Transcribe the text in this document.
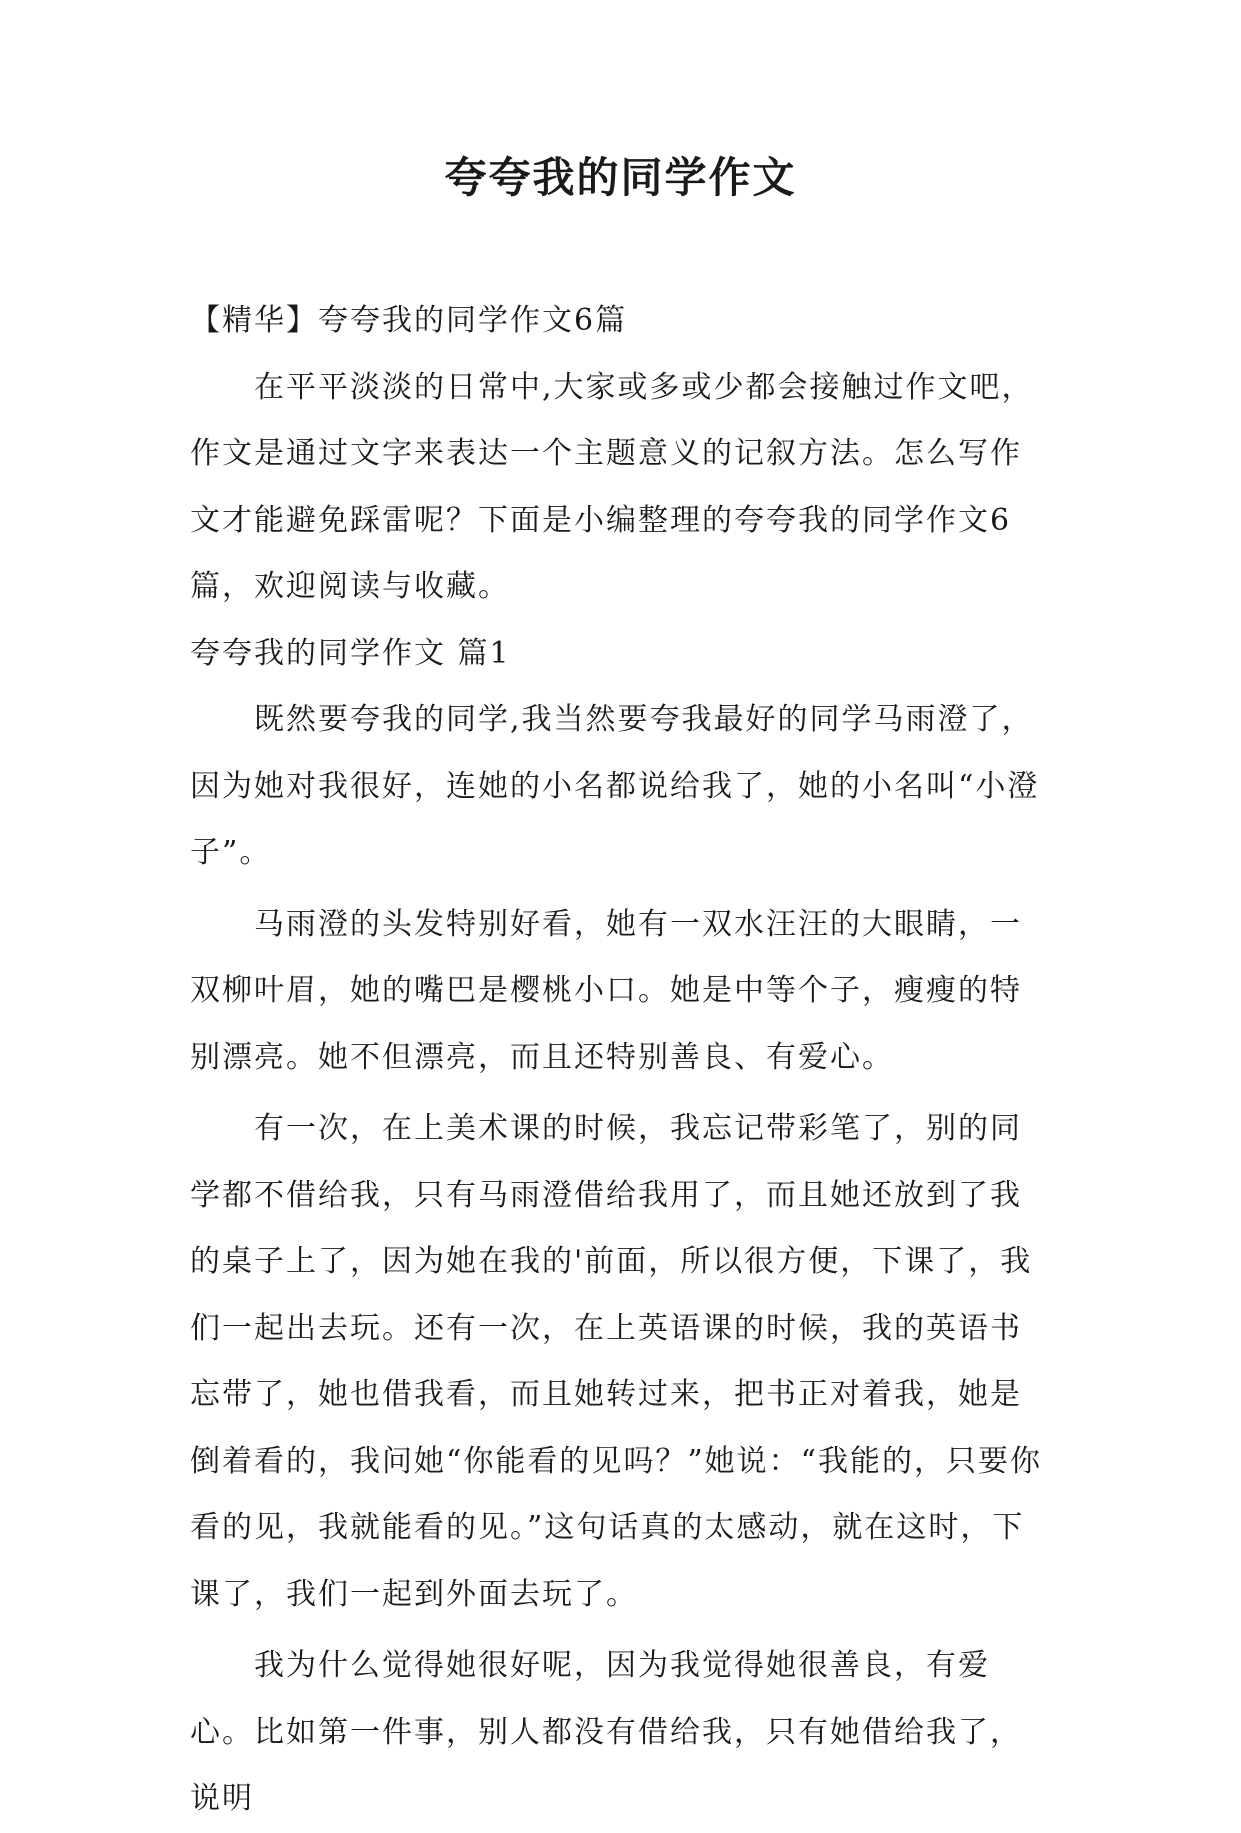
夸夸我的同学作文

【精华】夸夸我的同学作文6篇

在平平淡淡的日常中,大家或多或少都会接触过作文吧，作文是通过文字来表达一个主题意义的记叙方法。怎么写作文才能避免踩雷呢？下面是小编整理的夸夸我的同学作文6篇，欢迎阅读与收藏。

夸夸我的同学作文 篇1

既然要夸我的同学,我当然要夸我最好的同学马雨澄了，因为她对我很好，连她的小名都说给我了，她的小名叫“小澄子”。

马雨澄的头发特别好看，她有一双水汪汪的大眼睛，一双柳叶眉，她的嘴巴是樱桃小口。她是中等个子，瘦瘦的特别漂亮。她不但漂亮，而且还特别善良、有爱心。

有一次，在上美术课的时候，我忘记带彩笔了，别的同学都不借给我，只有马雨澄借给我用了，而且她还放到了我的桌子上了，因为她在我的'前面，所以很方便，下课了，我们一起出去玩。还有一次，在上英语课的时候，我的英语书忘带了，她也借我看，而且她转过来，把书正对着我，她是倒着看的，我问她“你能看的见吗？”她说：“我能的，只要你看的见，我就能看的见。”这句话真的太感动，就在这时，下课了，我们一起到外面去玩了。

我为什么觉得她很好呢，因为我觉得她很善良，有爱心。比如第一件事，别人都没有借给我，只有她借给我了，说明
